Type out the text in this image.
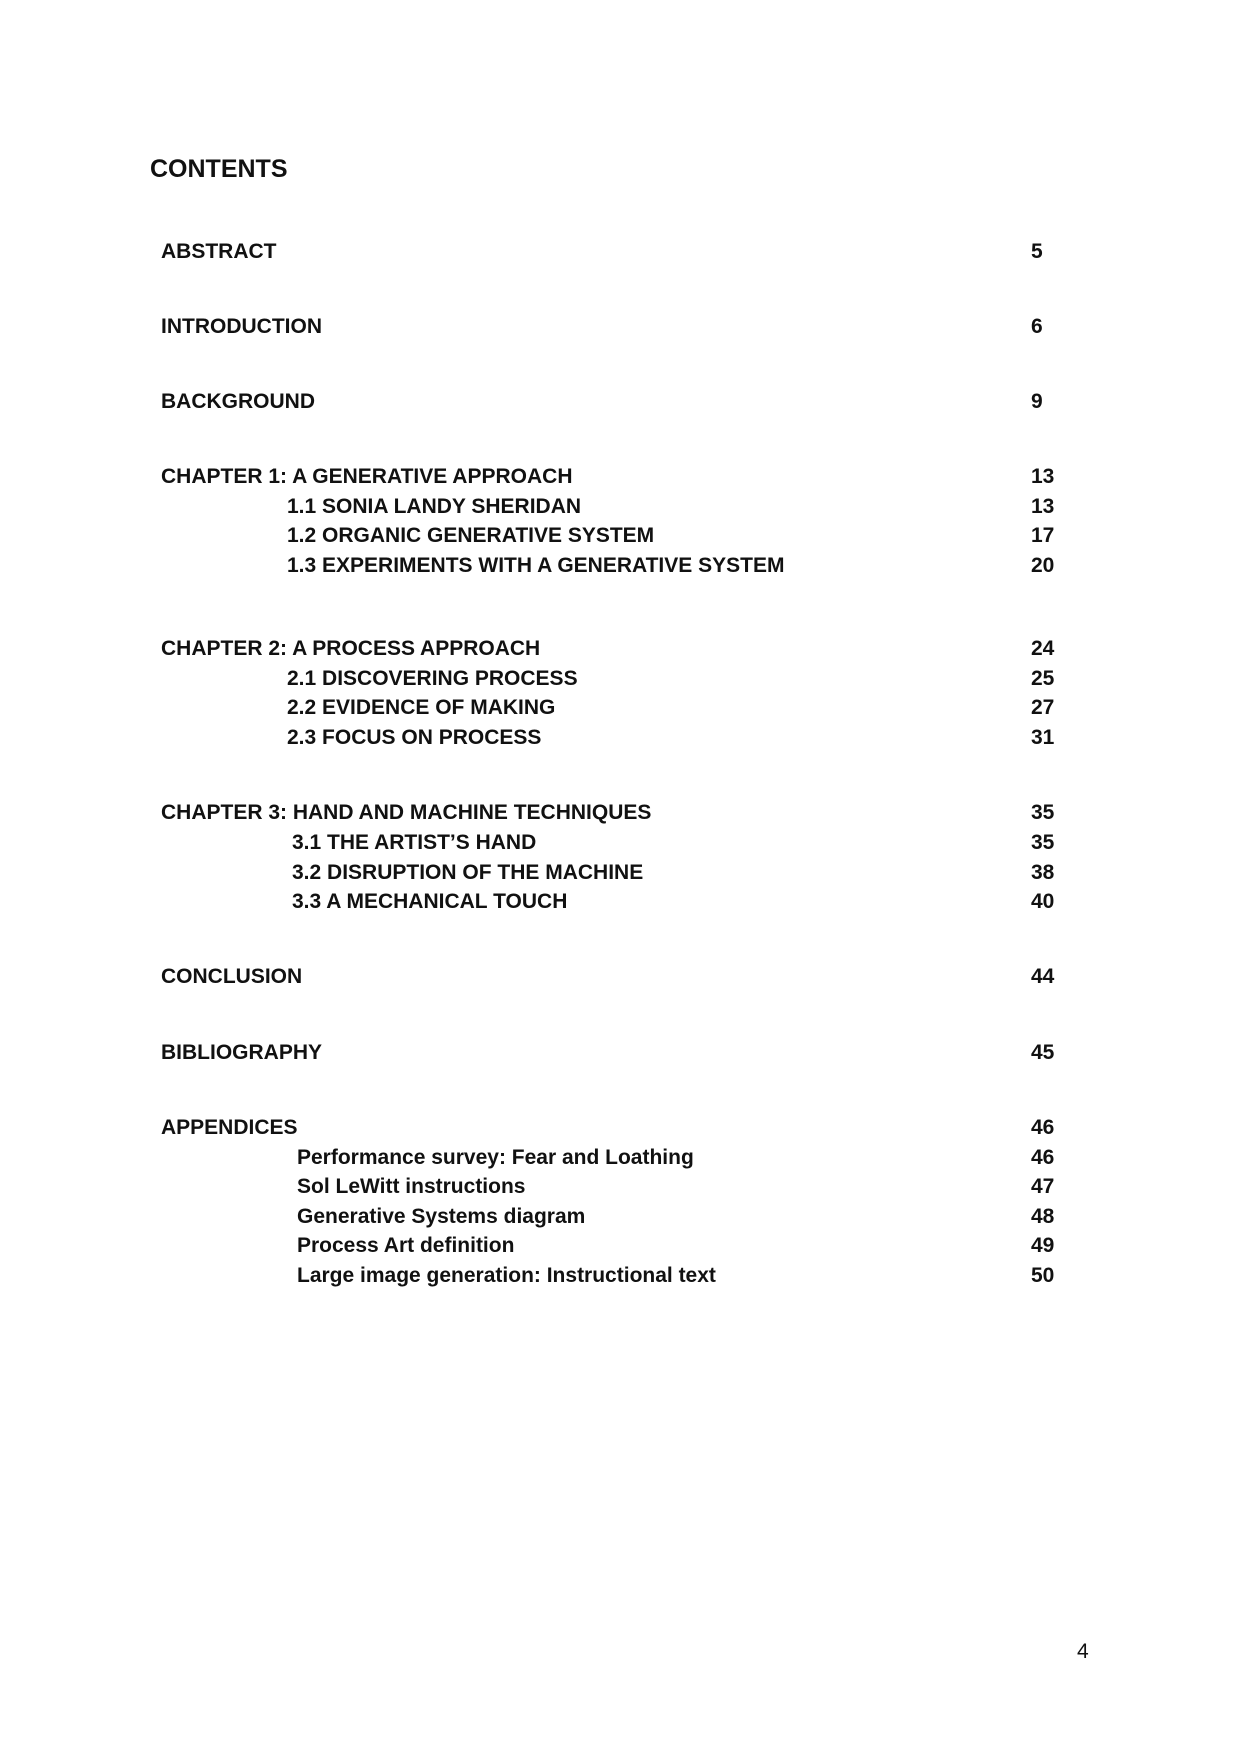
CONTENTS
ABSTRACT	5
INTRODUCTION	6
BACKGROUND	9
CHAPTER 1: A GENERATIVE APPROACH	13
1.1 SONIA LANDY SHERIDAN	13
1.2 ORGANIC GENERATIVE SYSTEM	17
1.3 EXPERIMENTS WITH A GENERATIVE SYSTEM	20
CHAPTER 2: A PROCESS APPROACH	24
2.1 DISCOVERING PROCESS	25
2.2 EVIDENCE OF MAKING	27
2.3 FOCUS ON PROCESS	31
CHAPTER 3: HAND AND MACHINE TECHNIQUES	35
3.1 THE ARTIST’S HAND	35
3.2 DISRUPTION OF THE MACHINE	38
3.3 A MECHANICAL TOUCH	40
CONCLUSION	44
BIBLIOGRAPHY	45
APPENDICES	46
Performance survey: Fear and Loathing	46
Sol LeWitt instructions	47
Generative Systems diagram	48
Process Art definition	49
Large image generation: Instructional text	50
4
